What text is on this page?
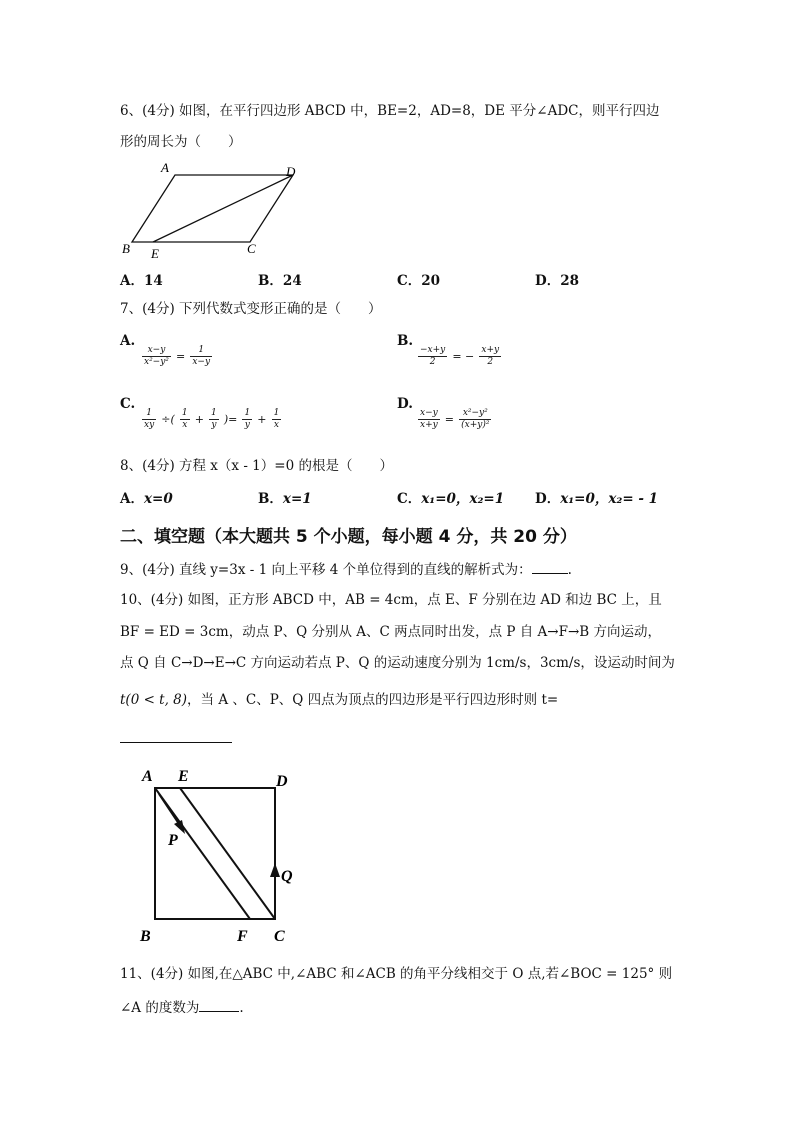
6、(4分) 如图，在平行四边形 ABCD 中，BE=2，AD=8，DE 平分∠ADC，则平行四边
形的周长为（　　）
A	D
B E	C
A．14	B．24	C．20	D．28
7、(4分) 下列代数式变形正确的是（　　）
A.
$\frac{x-y}{\text{x²−y²}} = \frac{1}{x-y}$
B.
$\frac{-x+y}{2}$ = − $\frac{x+y}{2}$
C.
$\frac{1}{xy}$ ÷( $\frac{1}{x} + \frac{1}{y}$ )= $\frac{1}{y} + \frac{1}{x}$
D.
$\frac{x-y}{x+y} = \frac{\text{x²−y²}}{\text{(x+y)²}}$
8、(4分) 方程 x（x - 1）=0 的根是（　　）
A．x=0	B．x=1	C．x₁=0，x₂=1 D．x₁=0，x₂= - 1
二、填空题（本大题共 5 个小题，每小题 4 分，共 20 分）
9、(4分) 直线 y=3x - 1 向上平移 4 个单位得到的直线的解析式为：	.
10、(4分) 如图，正方形 ABCD 中，AB = 4cm，点 E、F 分别在边 AD 和边 BC 上，且
BF = ED = 3cm，动点 P、Q 分别从 A、C 两点同时出发，点 P 自 A→F→B 方向运动，
点 Q 自 C→D→E→C 方向运动若点 P、Q 的运动速度分别为 1cm/s，3cm/s，设运动时间为
t(0 < t, 8)，当 A 、C、P、Q 四点为顶点的四边形是平行四边形时则 t=
A E	D
P
Q
B	F C
11、(4分) 如图,在△ABC 中,∠ABC 和∠ACB 的角平分线相交于 O 点,若∠BOC = 125° 则
∠A 的度数为	.
